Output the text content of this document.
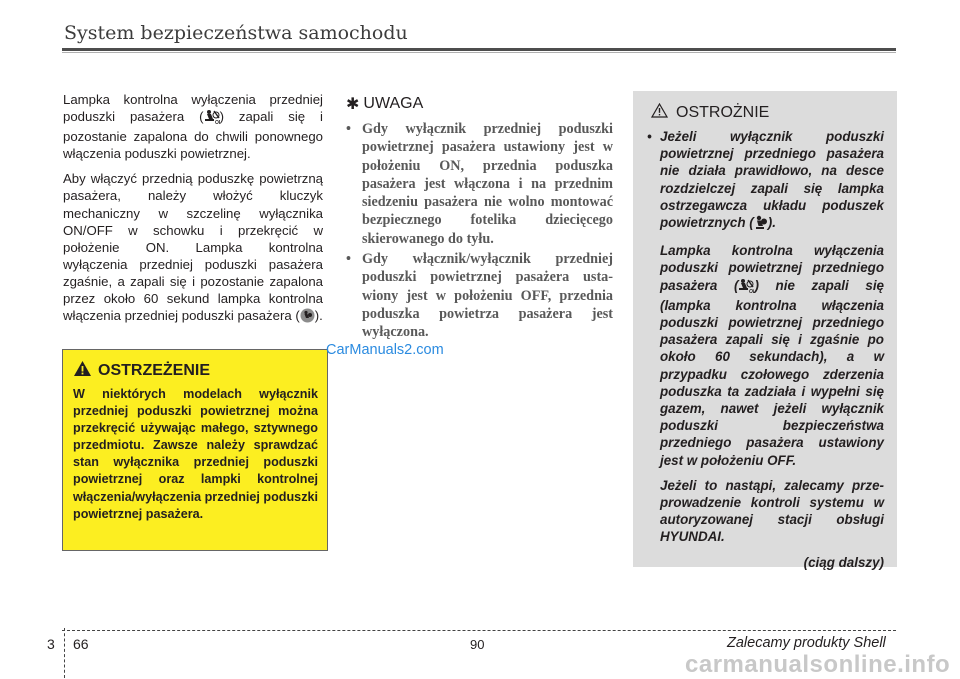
System bezpieczeństwa samochodu

Lampka kontrolna wyłączenia przedniej poduszki pasażera ( O ) zapali się i pozostanie zapalona do chwili ponownego włączenia poduszki powietrznej.

Aby włączyć przednią poduszkę powietrzną pasażera, należy włożyć kluczyk mechaniczny w szczelinę wyłącznika ON/OFF w schowku i przekręcić w położenie ON. Lampka kontrolna wyłączenia przedniej poduszki pasażera zgaśnie, a zapali się i pozostanie zapalona przez około 60 sekund lampka kontrolna włączenia przedniej poduszki pasażera ( ).

OSTRZEŻENIE
W niektórych modelach wyłącznik przedniej poduszki powietrznej można przekręcić używając małego, sztywnego przedmiotu. Zawsze należy sprawdzać stan wyłącznika przedniej poduszki powietrznej oraz lampki kontrolnej włączenia/wyłączenia przedniej poduszki powietrznej pasażera.
CarManuals2.com
✱ UWAGA
• Gdy wyłącznik przedniej poduszki powietrznej pasażera ustawiony jest w położeniu ON, przednia poduszka pasażera jest włączona i na przednim siedzeniu pasażera nie wolno montować bezpiecznego fotelika dziecięcego skierowanego do tyłu.
• Gdy włącznik/wyłącznik przedniej poduszki powietrznej pasażera ustawiony jest w położeniu OFF, przednia poduszka powietrza pasażera jest wyłączona.
OSTROŻNIE

• Jeżeli wyłącznik poduszki powietrznej przedniego pasażera nie działa prawidłowo, na desce rozdzielczej zapali się lampka ostrzegawcza układu poduszek powietrznych ( ).

Lampka kontrolna wyłączenia poduszki powietrznej przedniego pasażera ( O ) nie zapali się (lampka kontrolna włączenia poduszki powietrznej przedniego pasażera zapali się i zgaśnie po około 60 sekundach), a w przypadku czołowego zderzenia poduszka ta zadziała i wypełni się gazem, nawet jeżeli wyłącznik poduszki bezpieczeństwa przedniego pasażera ustawiony jest w położeniu OFF.

Jeżeli to nastąpi, zalecamy przeprowadzenie kontroli systemu w autoryzowanej stacji obsługi HYUNDAI.

(ciąg dalszy)

3 66	90	Zalecamy produkty Shell
carmanualsonline.info
